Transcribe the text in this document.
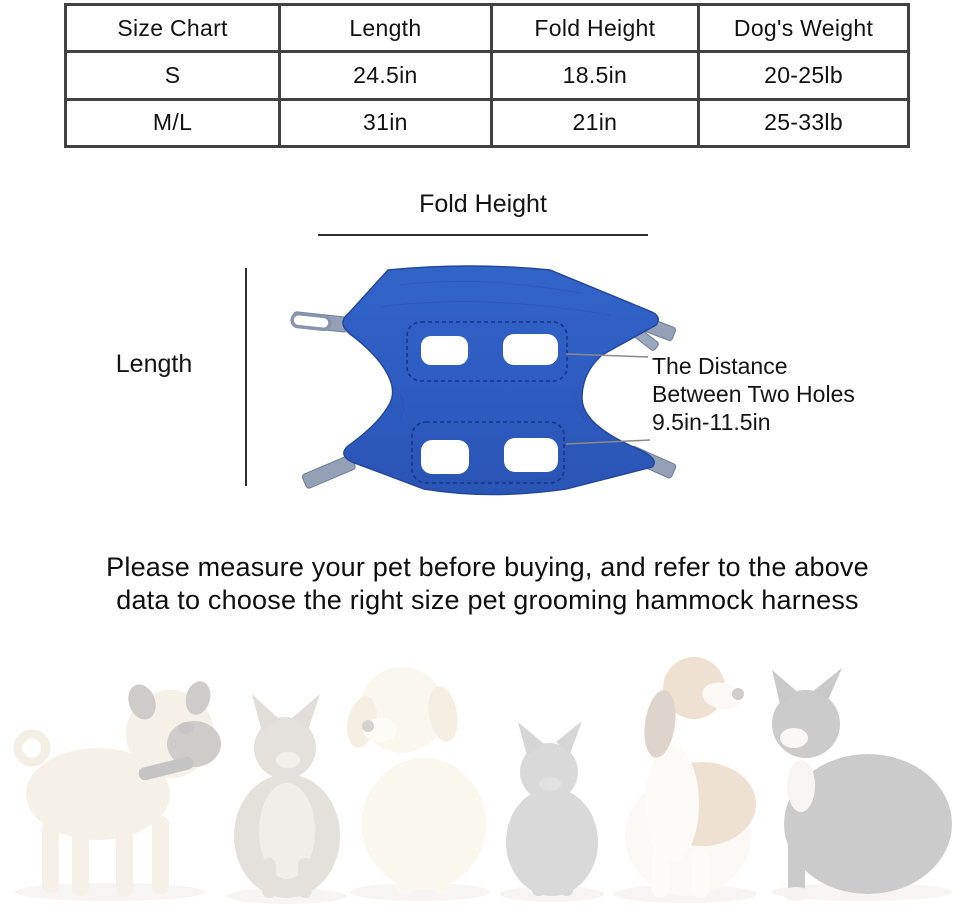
Size Chart	Length	Fold Height	Dog's Weight
S	24.5in	18.5in	20-25lb
M/L	31in	21in	25-33lb
Fold Height
Length	The Distance
Between Two Holes
9.5in-11.5in
Please measure your pet before buying, and refer to the above
data to choose the right size pet grooming hammock harness
